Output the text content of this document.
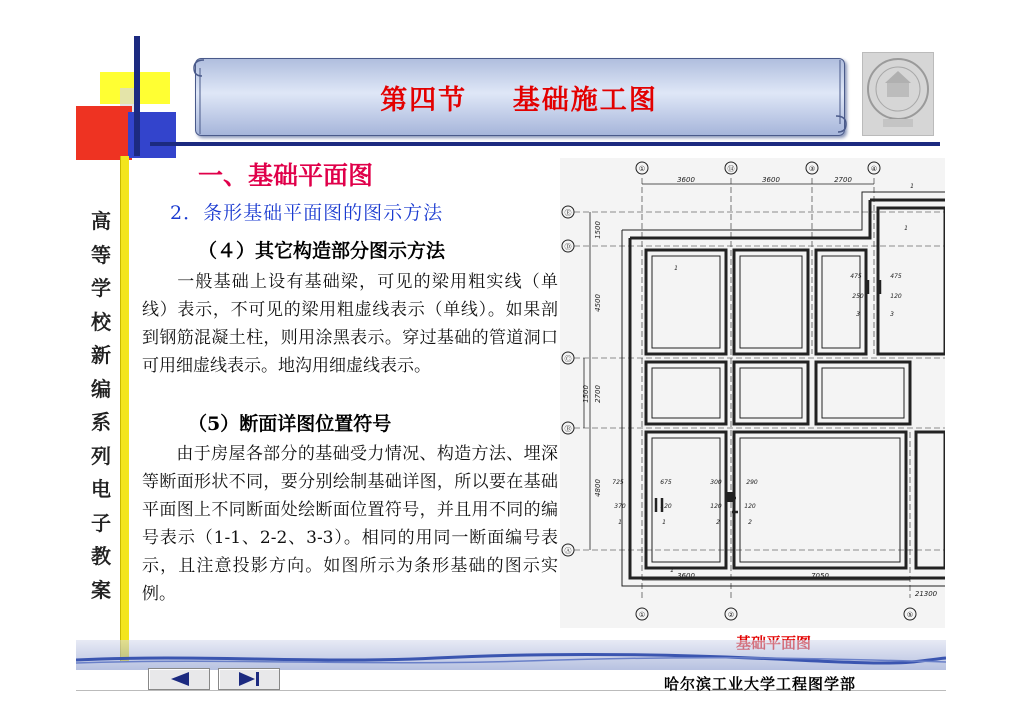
第四节    基础施工图
高等学校新编系列电子教案
一、基础平面图
2．条形基础平面图的图示方法
（４）其它构造部分图示方法
一般基础上设有基础梁，可见的梁用粗实线（单线）表示，不可见的梁用粗虚线表示（单线）。如果剖到钢筋混凝土柱，则用涂黑表示。穿过基础的管道洞口可用细虚线表示。地沟用细虚线表示。
（5）断面详图位置符号
由于房屋各部分的基础受力情况、构造方法、埋深等断面形状不同，要分别绘制基础详图，所以要在基础平面图上不同断面处绘断面位置符号，并且用不同的编号表示（1-1、2-2、3-3）。相同的用同一断面编号表示，且注意投影方向。如图所示为条形基础的图示实例。
①	⑭	③	④
①	②	⑤
Ⓔ
Ⓓ
Ⓒ
Ⓑ
Ⓐ
3600	3600	2700
3600	7050
21300
1500
4500
2700
1500
4800
475	475
250	120
725	675	300	290
370	120	120	120
1	1
1
1
2	2
3	3
1
1
哈尔滨工业大学工程图学部
